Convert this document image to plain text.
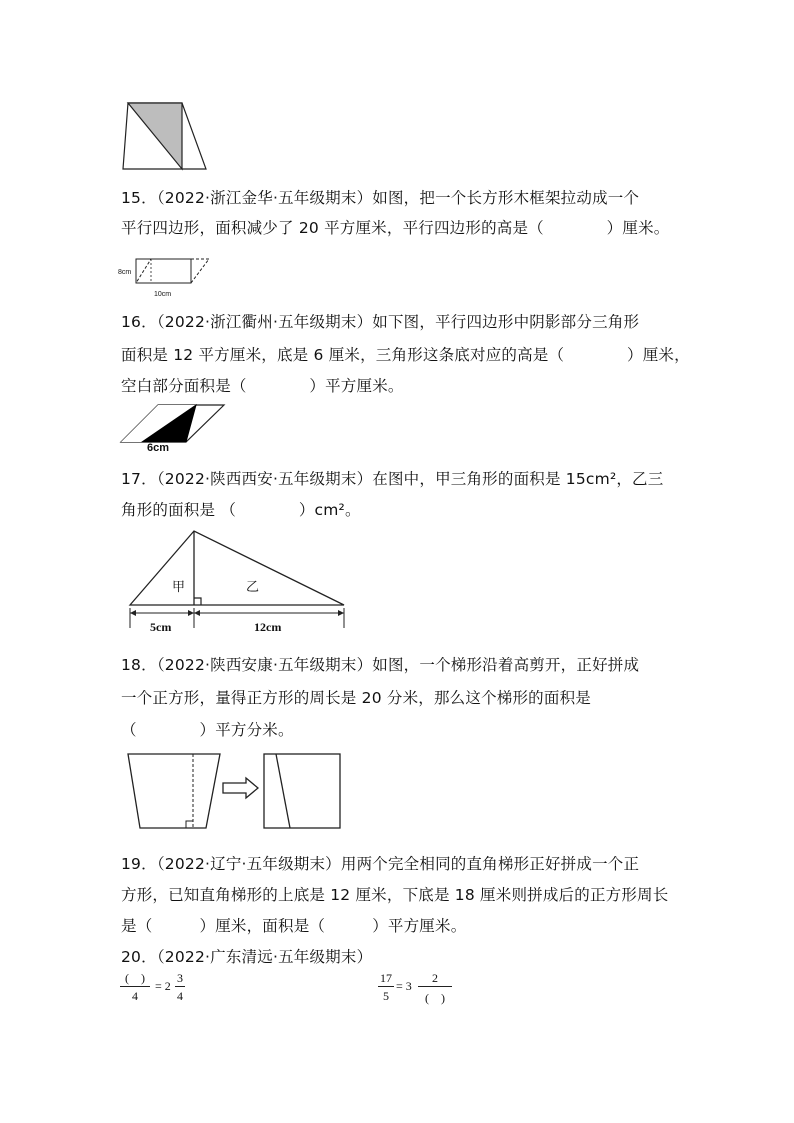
15．（2022·浙江金华·五年级期末）如图，把一个长方形木框架拉动成一个
平行四边形，面积减少了 20 平方厘米，平行四边形的高是（　　　　）厘米。
8cm
10cm
16．（2022·浙江衢州·五年级期末）如下图，平行四边形中阴影部分三角形
面积是 12 平方厘米，底是 6 厘米，三角形这条底对应的高是（　　　　）厘米，
空白部分面积是（　　　　）平方厘米。
6cm
17．（2022·陕西西安·五年级期末）在图中，甲三角形的面积是 15cm²，乙三
角形的面积是 （　　　　）cm²。
甲	乙
5cm	12cm
18．（2022·陕西安康·五年级期末）如图，一个梯形沿着高剪开，正好拼成
一个正方形，量得正方形的周长是 20 分米，那么这个梯形的面积是
（　　　　）平方分米。
19．（2022·辽宁·五年级期末）用两个完全相同的直角梯形正好拼成一个正
方形，已知直角梯形的上底是 12 厘米，下底是 18 厘米则拼成后的正方形周长
是（　　　）厘米，面积是（　　　）平方厘米。
20．（2022·广东清远·五年级期末）
(　)
4
= 2
3
4
17
5
= 3
2
(　)
